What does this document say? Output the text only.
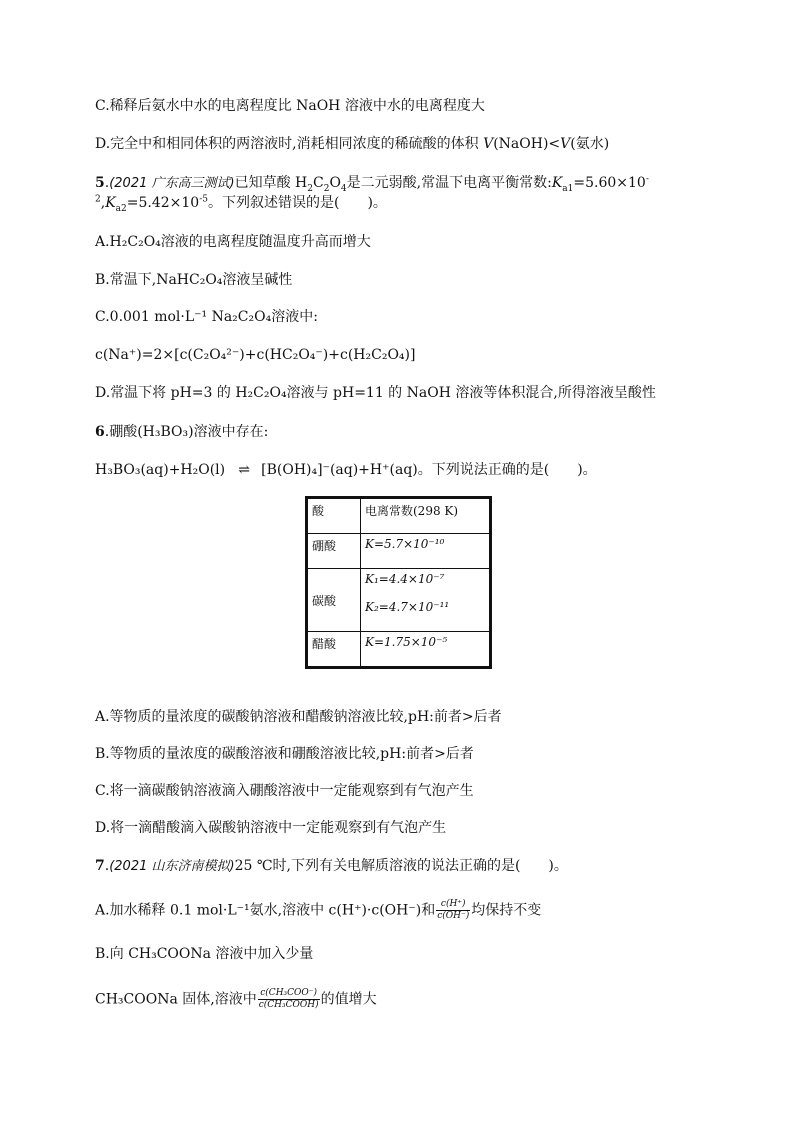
C.稀释后氨水中水的电离程度比 NaOH 溶液中水的电离程度大
D.完全中和相同体积的两溶液时,消耗相同浓度的稀硫酸的体积 V(NaOH)<V(氨水)
5.(2021 广东高三测试)已知草酸 $H_2C_2O_4$是二元弱酸,常温下电离平衡常数$:K_{a1}=5.60\times 10^-$
$^2,K_{a2}=5.42\times 10^{-5}$。下列叙述错误的是(　　)。
A.H₂C₂O₄溶液的电离程度随温度升高而增大
B.常温下,NaHC₂O₄溶液呈碱性
C.0.001 mol·L⁻¹ Na₂C₂O₄溶液中:
c(Na⁺)=2×[c(C₂O₄²⁻)+c(HC₂O₄⁻)+c(H₂C₂O₄)]
D.常温下将 pH=3 的 H₂C₂O₄溶液与 pH=11 的 NaOH 溶液等体积混合,所得溶液呈酸性
6.硼酸(H₃BO₃)溶液中存在:
H₃BO₃(aq)+H₂O(l) ⇌ [B(OH)₄]⁻(aq)+H⁺(aq)。下列说法正确的是(　　)。
酸	电离常数(298 K)
硼酸	K=5.7×10⁻¹⁰
碳酸	K₁=4.4×10⁻⁷
K₂=4.7×10⁻¹¹

醋酸	K=1.75×10⁻⁵
A.等物质的量浓度的碳酸钠溶液和醋酸钠溶液比较,pH:前者>后者
B.等物质的量浓度的碳酸溶液和硼酸溶液比较,pH:前者>后者
C.将一滴碳酸钠溶液滴入硼酸溶液中一定能观察到有气泡产生
D.将一滴醋酸滴入碳酸钠溶液中一定能观察到有气泡产生
7.(2021 山东济南模拟)25 ℃时,下列有关电解质溶液的说法正确的是(　　)。
A.加水稀释 0.1 mol·L⁻¹氨水,溶液中 c(H⁺)·c(OH⁻)和 $\frac{c(H^+)}{c(OH^-)}$ 均保持不变
B.向 CH₃COONa 溶液中加入少量
CH₃COONa 固体,溶液中 $\frac{\text{c(CH₃COO⁻)}}{\text{c(CH₃COOH)}}$ 的值增大
